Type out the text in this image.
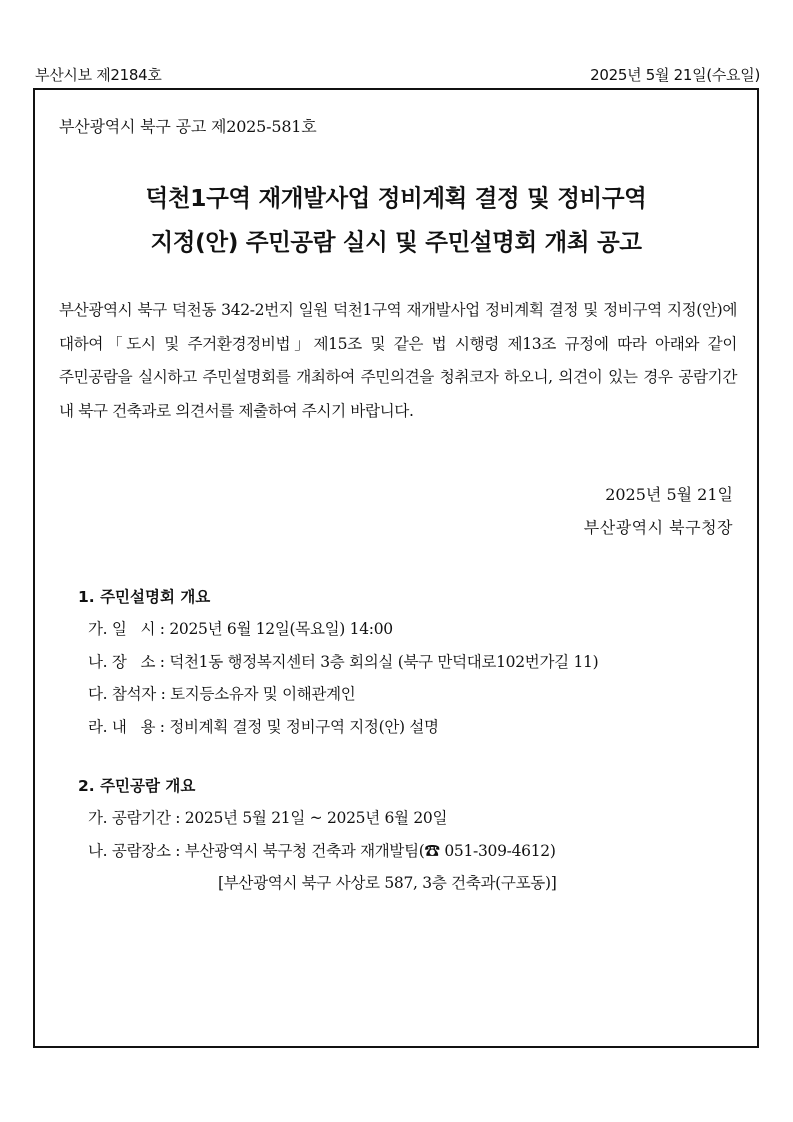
부산시보 제2184호	2025년 5월 21일(수요일)
부산광역시 북구 공고 제2025-581호
덕천1구역 재개발사업 정비계획 결정 및 정비구역
지정(안) 주민공람 실시 및 주민설명회 개최 공고
부산광역시 북구 덕천동 342-2번지 일원 덕천1구역 재개발사업 정비계획 결정 및 정비구역 지정(안)에 대하여「도시 및 주거환경정비법」제15조 및 같은 법 시행령 제13조 규정에 따라 아래와 같이 주민공람을 실시하고 주민설명회를 개최하여 주민의견을 청취코자 하오니, 의견이 있는 경우 공람기간 내 북구 건축과로 의견서를 제출하여 주시기 바랍니다.
2025년 5월 21일
부산광역시 북구청장
1. 주민설명회 개요
가. 일   시 : 2025년 6월 12일(목요일) 14:00
나. 장   소 : 덕천1동 행정복지센터 3층 회의실 (북구 만덕대로102번가길 11)
다. 참석자 : 토지등소유자 및 이해관계인
라. 내   용 : 정비계획 결정 및 정비구역 지정(안) 설명
2. 주민공람 개요
가. 공람기간 : 2025년 5월 21일 ~ 2025년 6월 20일
나. 공람장소 : 부산광역시 북구청 건축과 재개발팀(☎ 051-309-4612)
[부산광역시 북구 사상로 587, 3층 건축과(구포동)]
